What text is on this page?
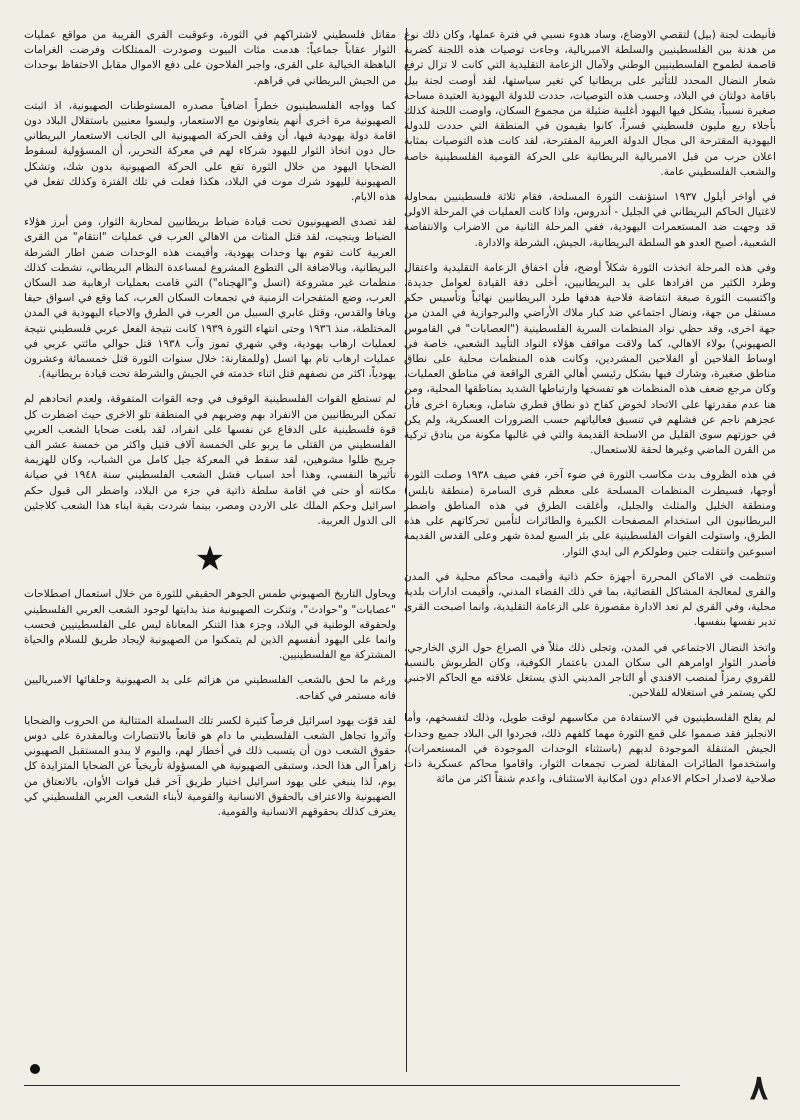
فأنيطت لجنة (بيل) لتقصي الاوضاع، وساد هدوء نسبي في فترة عملها، وكان ذلك نوع من هدنة بين الفلسطينيين والسلطة الامبريالية، وجاءت توصيات هذه اللجنة كضربة قاصمة لطموح الفلسطينيين الوطني ولآمال الزعامة التقليدية التي كانت لا تزال ترفع شعار النضال المحدد للتأثير على بريطانيا كي تغير سياستها، لقد أوصت لجنة بيل باقامة دولتان في البلاد، وحسب هذه التوصيات، حددت للدولة اليهودية العتيدة مساحة صغيرة نسبياً، يشكل فيها اليهود أغلبية ضئيلة من مجموع السكان، واوصت اللجنة كذلك بأجلاء ربع مليون فلسطيني قسراً، كانوا يقيمون في المنطقة التي حددت للدولة اليهودية المقترحة الى مجال الدولة العربية المقترحة، لقد كانت هذه التوصيات بمثابة اعلان حرب من قبل الامبريالية البريطانية على الحركة القومية الفلسطينية خاصة والشعب الفلسطيني عامة.

في أواخر أيلول ١٩٣٧ استؤنفت الثورة المسلحة، فقام ثلاثة فلسطينيين بمحاولة لاغتيال الحاكم البريطاني في الجليل - أندروس، واذا كانت العمليات في المرحلة الاولى قد وجهت ضد المستعمرات اليهودية، ففي المرحلة الثانية من الاضراب والانتفاضة الشعبية، أصبح العدو هو السلطة البريطانية، الجيش، الشرطة والادارة.

وفي هذه المرحلة اتخذت الثورة شكلاً أوضح، فأن اخفاق الزعامة التقليدية واعتقال وطرد الكثير من افرادها على يد البريطانيين، أخلى دفة القيادة لعوامل جديدة، واكتسبت الثورة صبغة انتفاضة فلاحية هدفها طرد البريطانيين نهائياً وتأسيس حكم مستقل من جهة، ونضال اجتماعي ضد كبار ملاك الأراضي والبرجوازية في المدن من جهة اخرى، وقد حظي نواد المنظمات السرية الفلسطينية ("العصابات" في القاموس الصهيوني) بولاء الاهالي، كما ولاقت مواقف هؤلاء النواد التأييد الشعبي، خاصة في اوساط الفلاحين أو الفلاحين المشردين، وكانت هذه المنظمات محلية على نطاق مناطق صغيرة، وشارك فيها بشكل رئيسي أهالي القرى الواقعة في مناطق العمليات، وكان مرجع ضعف هذه المنظمات هو تفسخها وارتباطها الشديد بمناطقها المحلية، ومن هنا عدم مقدرتها على الاتحاد لخوض كفاح ذو نطاق قطري شامل، وبعبارة اخرى فأن عجزهم ناجم عن فشلهم في تنسيق فعالياتهم حسب الضرورات العسكرية، ولم يكن في حوزتهم سوى القليل من الاسلحة القديمة والتي في غالبها مكونة من بنادق تركية من القرن الماضي وغيرها لحقة للاستعمال.

في هذه الظروف بدت مكاسب الثورة في ضوء آخر، ففي صيف ١٩٣٨ وصلت الثورة أوجها، فسيطرت المنظمات المسلحة على معظم قرى السامرة (منطقة نابلس) ومنطقة الخليل والمثلث والجليل، وأغلقت الطرق في هذه المناطق واضطر البريطانيون الى استخدام المصفحات الكبيرة والطائرات لتأمين تحركاتهم على هذه الطرق، واستولت القوات الفلسطينية على بئر السبع لمدة شهر وعلى القدس القديمة اسبوعين وانتقلت جنين وطولكرم الى ايدي الثوار.

وتنظمت في الاماكن المحررة أجهزة حكم ذاتية وأقيمت محاكم محلية في المدن والقرى لمعالجة المشاكل القضائية، بما في ذلك القضاء المدني، وأقيمت ادارات بلدية محلية، وفي القرى لم تعد الادارة مقصورة على الزعامة التقليدية، وانما اصبحت القرى تدير نفسها بنفسها.

واتخذ النضال الاجتماعي في المدن، وتجلى ذلك مثلاً في الصراع حول الزي الخارجي، فأصدر الثوار اوامرهم الى سكان المدن باعتمار الكوفية، وكان الطربوش بالنسبة للقروي رمزاً لمنصب الافندي أو التاجر المديني الذي يستغل علاقته مع الحاكم الاجنبي لكي يستمر في استغلاله للفلاحين.

لم يفلح الفلسطينيون في الاستفادة من مكاسبهم لوقت طويل، وذلك لتفسخهم، وأما الانجليز فقد صمموا على قمع الثورة مهما كلفهم ذلك، فجردوا الى البلاد جميع وحدات الجيش المتنقلة الموجودة لديهم (باستثناء الوحدات الموجودة في المستعمرات)، واستخدموا الطائرات المقاتلة لضرب تجمعات الثوار، واقاموا محاكم عسكرية ذات صلاحية لاصدار احكام الاعدام دون امكانية الاستئناف، واعدم شنقاً اكثر من مائة

مقاتل فلسطيني لاشتراكهم في الثورة، وعوقبت القرى القريبة من مواقع عمليات الثوار عقاباً جماعياً: هدمت مئات البيوت وصودرت الممتلكات وفرضت الغرامات الباهظة الخيالية على القرى، واجبر الفلاحون على دفع الاموال مقابل الاحتفاظ بوحدات من الجيش البريطاني في قراهم.

كما وواجه الفلسطينيون خطراً اضافياً مصدره المستوطنات الصهيونية، اذ اثبتت الصهيونية مرة اخرى أنهم يتعاونون مع الاستعمار، وليسوا معنيين باستقلال البلاد دون اقامة دولة يهودية فيها، أن وقف الحركة الصهيونية الى الجانب الاستعمار البريطاني حال دون اتخاذ الثوار لليهود شركاء لهم في معركة التحرير، أن المسؤولية لسقوط الضحايا اليهود من خلال الثورة تقع على الحركة الصهيونية بدون شك، وتشكل الصهيونية لليهود شرك موت في البلاد، هكذا فعلت في تلك الفترة وكذلك تفعل في هذه الايام.

لقد تصدى الصهيونيون تحت قيادة ضباط بريطانيين لمحاربة الثوار، ومن أبرز هؤلاء الضباط وينجيت، لقد قتل المئات من الاهالي العرب في عمليات "انتقام" من القرى العربية كانت تقوم بها وحدات يهودية، وأقيمت هذه الوحدات ضمن اطار الشرطة البريطانية، وبالاضافة الى التطوع المشروع لمساعدة النظام البريطاني، نشطت كذلك منظمات غير مشروعة (اتسل و"الهجناه") التي قامت بعمليات ارهابية ضد السكان العرب، وضع المتفجرات الزمنية في تجمعات السكان العرب، كما وقع في اسواق حيفا ويافا والقدس، وقتل عابري السبيل من العرب في الطرق والاحياء اليهودية في المدن المختلطة، منذ ١٩٣٦ وحتى انتهاء الثورة ١٩٣٩ كانت نتيجة الفعل عربي فلسطيني نتيجة لعمليات ارهاب يهودية، وفي شهري تموز وآب ١٩٣٨ قتل حوالي مائتي عربي في عمليات ارهاب تام بها اتسل (وللمقارنة: خلال سنوات الثورة قتل خمسمائة وعشرون يهودياً، اكثر من نصفهم قتل اثناء خدمته في الجيش والشرطة تحت قيادة بريطانية).

لم تستطع القوات الفلسطينية الوقوف في وجه القوات المتفوقة، ولعدم اتحادهم لم تمكن البريطانيين من الانفراد بهم وضربهم في المنطقة تلو الاخرى حيث اضطرت كل قوة فلسطينية على الدفاع عن نفسها على انفراد، لقد بلغت ضحايا الشعب العربي الفلسطيني من القتلى ما يربو على الخمسة آلاف قتيل واكثر من خمسة عشر الف جريح ظلوا مشوهين، لقد سقط في المعركة جيل كامل من الشباب، وكان للهزيمة تأثيرها النفسي، وهذا أحد اسباب فشل الشعب الفلسطيني سنة ١٩٤٨ في صيانة مكانته أو حتى في اقامة سلطة ذاتية في جزء من البلاد، واضطر الى قبول حكم اسرائيل وحكم الملك على الاردن ومصر، بينما شردت بقية ابناء هذا الشعب كلاجئين الى الدول العربية.

★

ويحاول التاريخ الصهيوني طمس الجوهر الحقيقي للثورة من خلال استعمال اصطلاحات "عصابات" و"حوادث"، وتنكرت الصهيونية منذ بدايتها لوجود الشعب العربي الفلسطيني ولحقوقه الوطنية في البلاد، وجزء هذا التنكر المعاناة ليس على الفلسطينيين فحسب وانما على اليهود أنفسهم الذين لم يتمكنوا من الصهيونية لإيجاد طريق للسلام والحياة المشتركة مع الفلسطينيين.

ورغم ما لحق بالشعب الفلسطيني من هزائم على يد الصهيونية وحلفائها الامبرياليين فانه مستمر في كفاحه.

لقد قوّت يهود اسرائيل فرصاً كثيرة لكسر تلك السلسلة المتتالية من الحروب والضحايا وآثروا تجاهل الشعب الفلسطيني ما دام هو قانعاً بالانتصارات وبالمقدرة على دوس حقوق الشعب دون أن يتسبب ذلك في أخطار لهم، واليوم لا يبدو المستقبل الصهيوني زاهراً الى هذا الحد، وستبقى الصهيونية هي المسؤولة تأريخياً عن الضحايا المتزايدة كل يوم، لذا ينبغي على يهود اسرائيل اختيار طريق آخر قبل فوات الأوان، بالانعتاق من الصهيونية والاعتراف بالحقوق الانسانية والقومية لأبناء الشعب العربي الفلسطيني كي يعترف كذلك بحقوقهم الانسانية والقومية.

٨
